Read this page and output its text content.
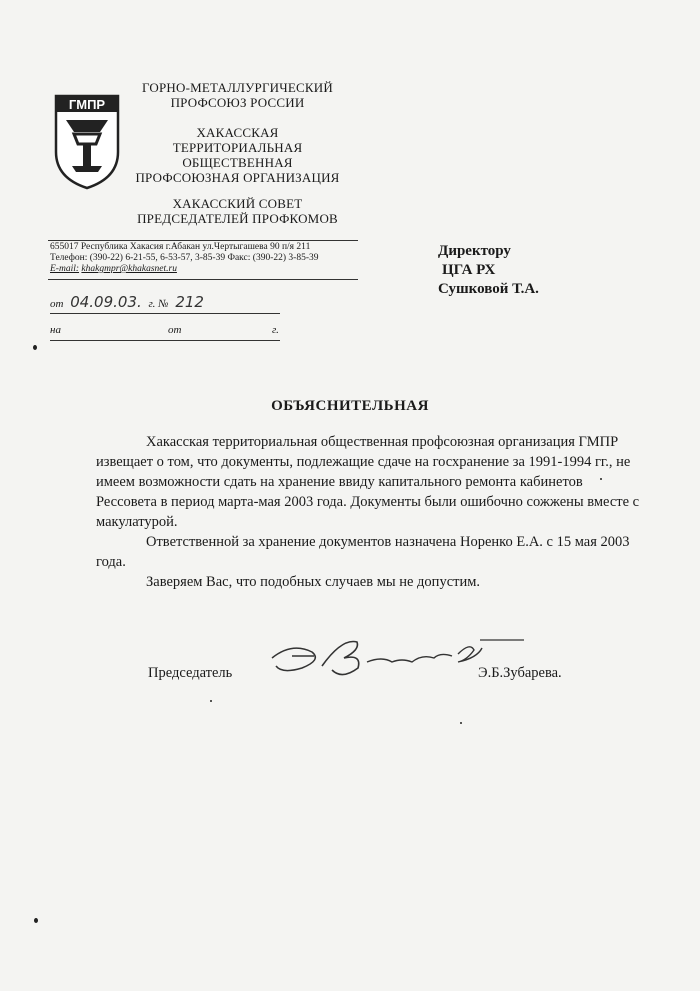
ГМПР
ГОРНО-МЕТАЛЛУРГИЧЕСКИЙ
ПРОФСОЮЗ РОССИИ
ХАКАССКАЯ
ТЕРРИТОРИАЛЬНАЯ
ОБЩЕСТВЕННАЯ
ПРОФСОЮЗНАЯ ОРГАНИЗАЦИЯ
ХАКАССКИЙ СОВЕТ
ПРЕДСЕДАТЕЛЕЙ ПРОФКОМОВ
655017 Республика Хакасия г.Абакан ул.Чертыгашева 90 п/я 211
Телефон: (390-22) 6-21-55, 6-53-57, 3-85-39 Факс: (390-22) 3-85-39
E-mail: khakgmpr@khakasnet.ru
от 04.09.03. г. № 212
на	от	г.
Директору
ЦГА РХ
Сушковой Т.А.
ОБЪЯСНИТЕЛЬНАЯ

Хакасская территориальная общественная профсоюзная организация ГМПР извещает о том, что документы, подлежащие сдаче на госхранение за 1991-1994 гг., не имеем возможности сдать на хранение ввиду капитального ремонта кабинетов Рессовета в период марта-мая 2003 года. Документы были ошибочно сожжены вместе с макулатурой.

Ответственной за хранение документов назначена Норенко Е.А. с 15 мая 2003 года.

Заверяем Вас, что подобных случаев мы не допустим.

Председатель	Э.Б.Зубарева.
